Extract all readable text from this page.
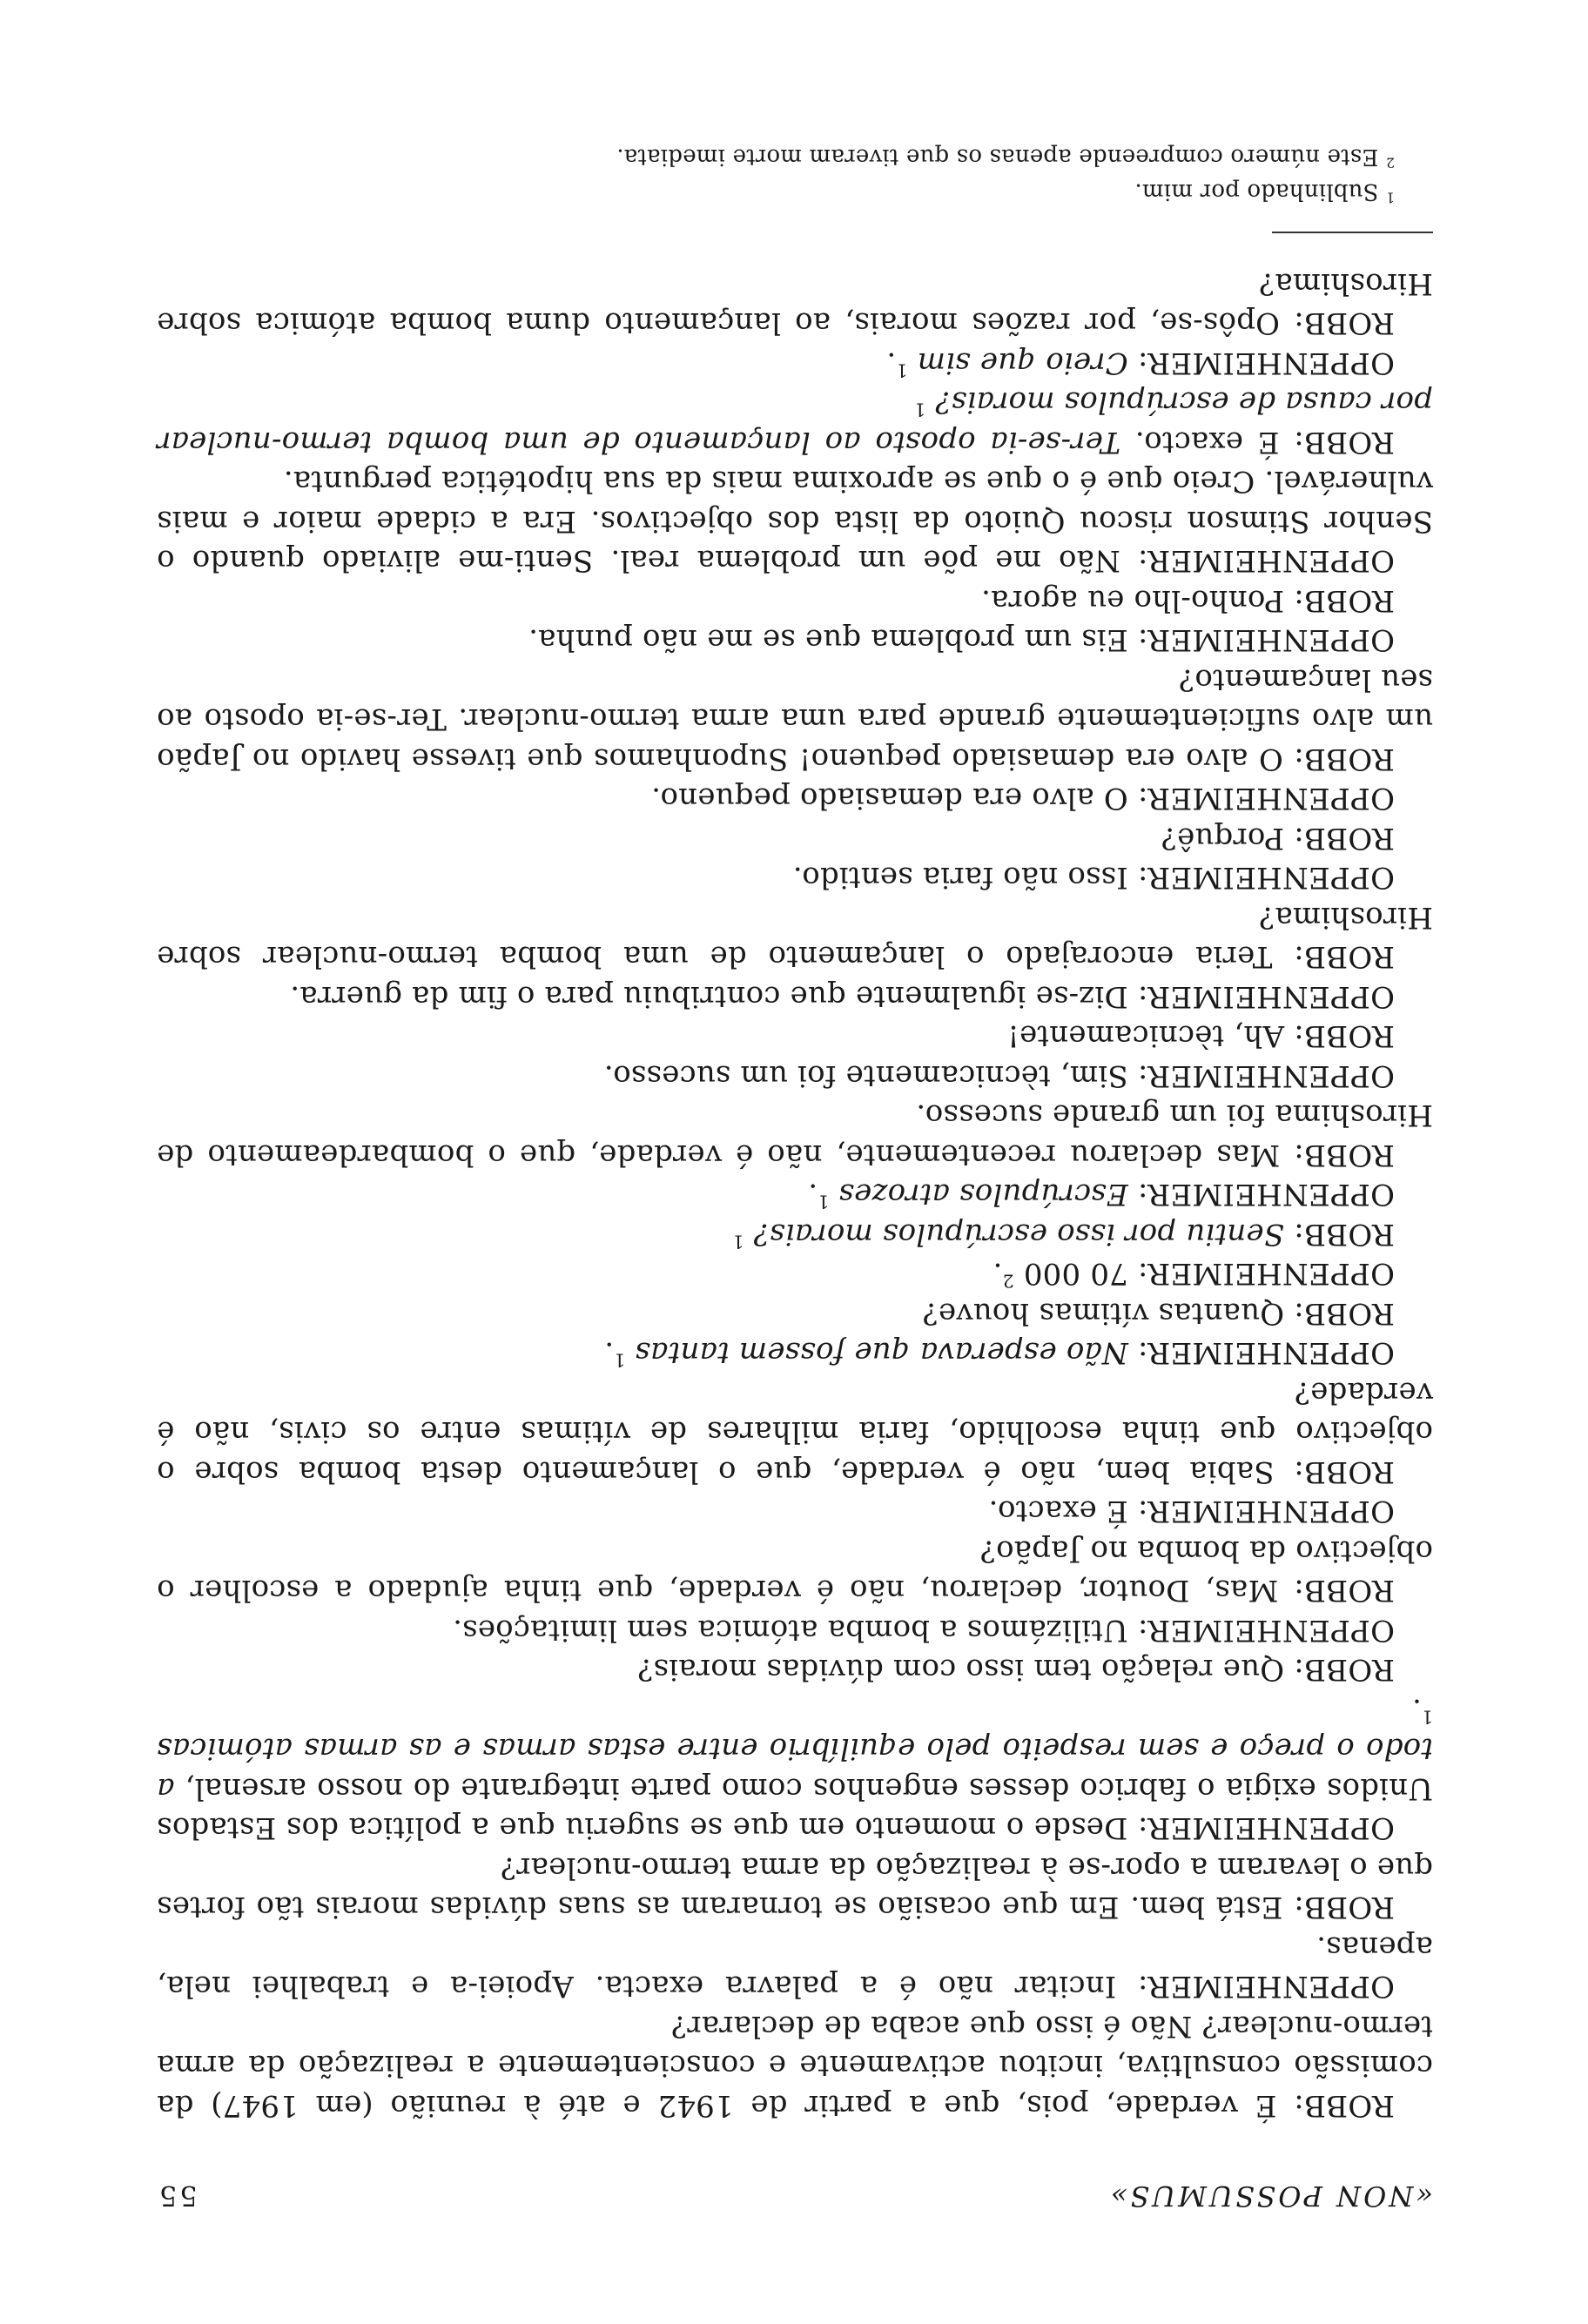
«NON POSSUMUS»
55

ROBB: É verdade, pois, que a partir de 1942 e até à reunião (em 1947) da comissão consultiva, incitou activamente e conscientemente a realização da arma termo-nuclear? Não é isso que acaba de declarar?

OPPENHEIMER: Incitar não é a palavra exacta. Apoiei-a e trabalhei nela, apenas.

ROBB: Está bem. Em que ocasião se tornaram as suas dúvidas morais tão fortes que o levaram a opor-se à realização da arma termo-nuclear?

OPPENHEIMER: Desde o momento em que se sugeriu que a política dos Estados Unidos exigia o fabrico desses engenhos como parte integrante do nosso arsenal, a todo o preço e sem respeito pelo equilíbrio entre estas armas e as armas atómicas $^1$.

ROBB: Que relação tem isso com dúvidas morais?

OPPENHEIMER: Utilizámos a bomba atómica sem limitações.

ROBB: Mas, Doutor, declarou, não é verdade, que tinha ajudado a escolher o objectivo da bomba no Japão?

OPPENHEIMER: É exacto.

ROBB: Sabia bem, não é verdade, que o lançamento desta bomba sobre o objectivo que tinha escolhido, faria milhares de vítimas entre os civis, não é verdade?

OPPENHEIMER: Não esperava que fossem tantas $^1$.

ROBB: Quantas vítimas houve?

OPPENHEIMER: 70 000 $^2$.

ROBB: Sentiu por isso escrúpulos morais? $^1$

OPPENHEIMER: Escrúpulos atrozes $^1$.

ROBB: Mas declarou recentemente, não é verdade, que o bombardeamento de Hiroshima foi um grande sucesso.

OPPENHEIMER: Sim, tècnicamente foi um sucesso.

ROBB: Ah, tècnicamente!

OPPENHEIMER: Diz-se igualmente que contribuiu para o fim da guerra.

ROBB: Teria encorajado o lançamento de uma bomba termo-nuclear sobre Hiroshima?

OPPENHEIMER: Isso não faria sentido.

ROBB: Porquê?

OPPENHEIMER: O alvo era demasiado pequeno.

ROBB: O alvo era demasiado pequeno! Suponhamos que tivesse havido no Japão um alvo suficientemente grande para uma arma termo-nuclear. Ter-se-ia oposto ao seu lançamento?

OPPENHEIMER: Eis um problema que se me não punha.

ROBB: Ponho-lho eu agora.

OPPENHEIMER: Não me põe um problema real. Senti-me aliviado quando o Senhor Stimson riscou Quioto da lista dos objectivos. Era a cidade maior e mais vulnerável. Creio que é o que se aproxima mais da sua hipotética pergunta.

ROBB: É exacto. Ter-se-ia oposto ao lançamento de uma bomba termo-nuclear por causa de escrúpulos morais? $^1$

OPPENHEIMER: Creio que sim $^1$.

ROBB: Opôs-se, por razões morais, ao lançamento duma bomba atómica sobre Hiroshima?

$^1$ Sublinhado por mim.

$^2$ Este número compreende apenas os que tiveram morte imediata.
